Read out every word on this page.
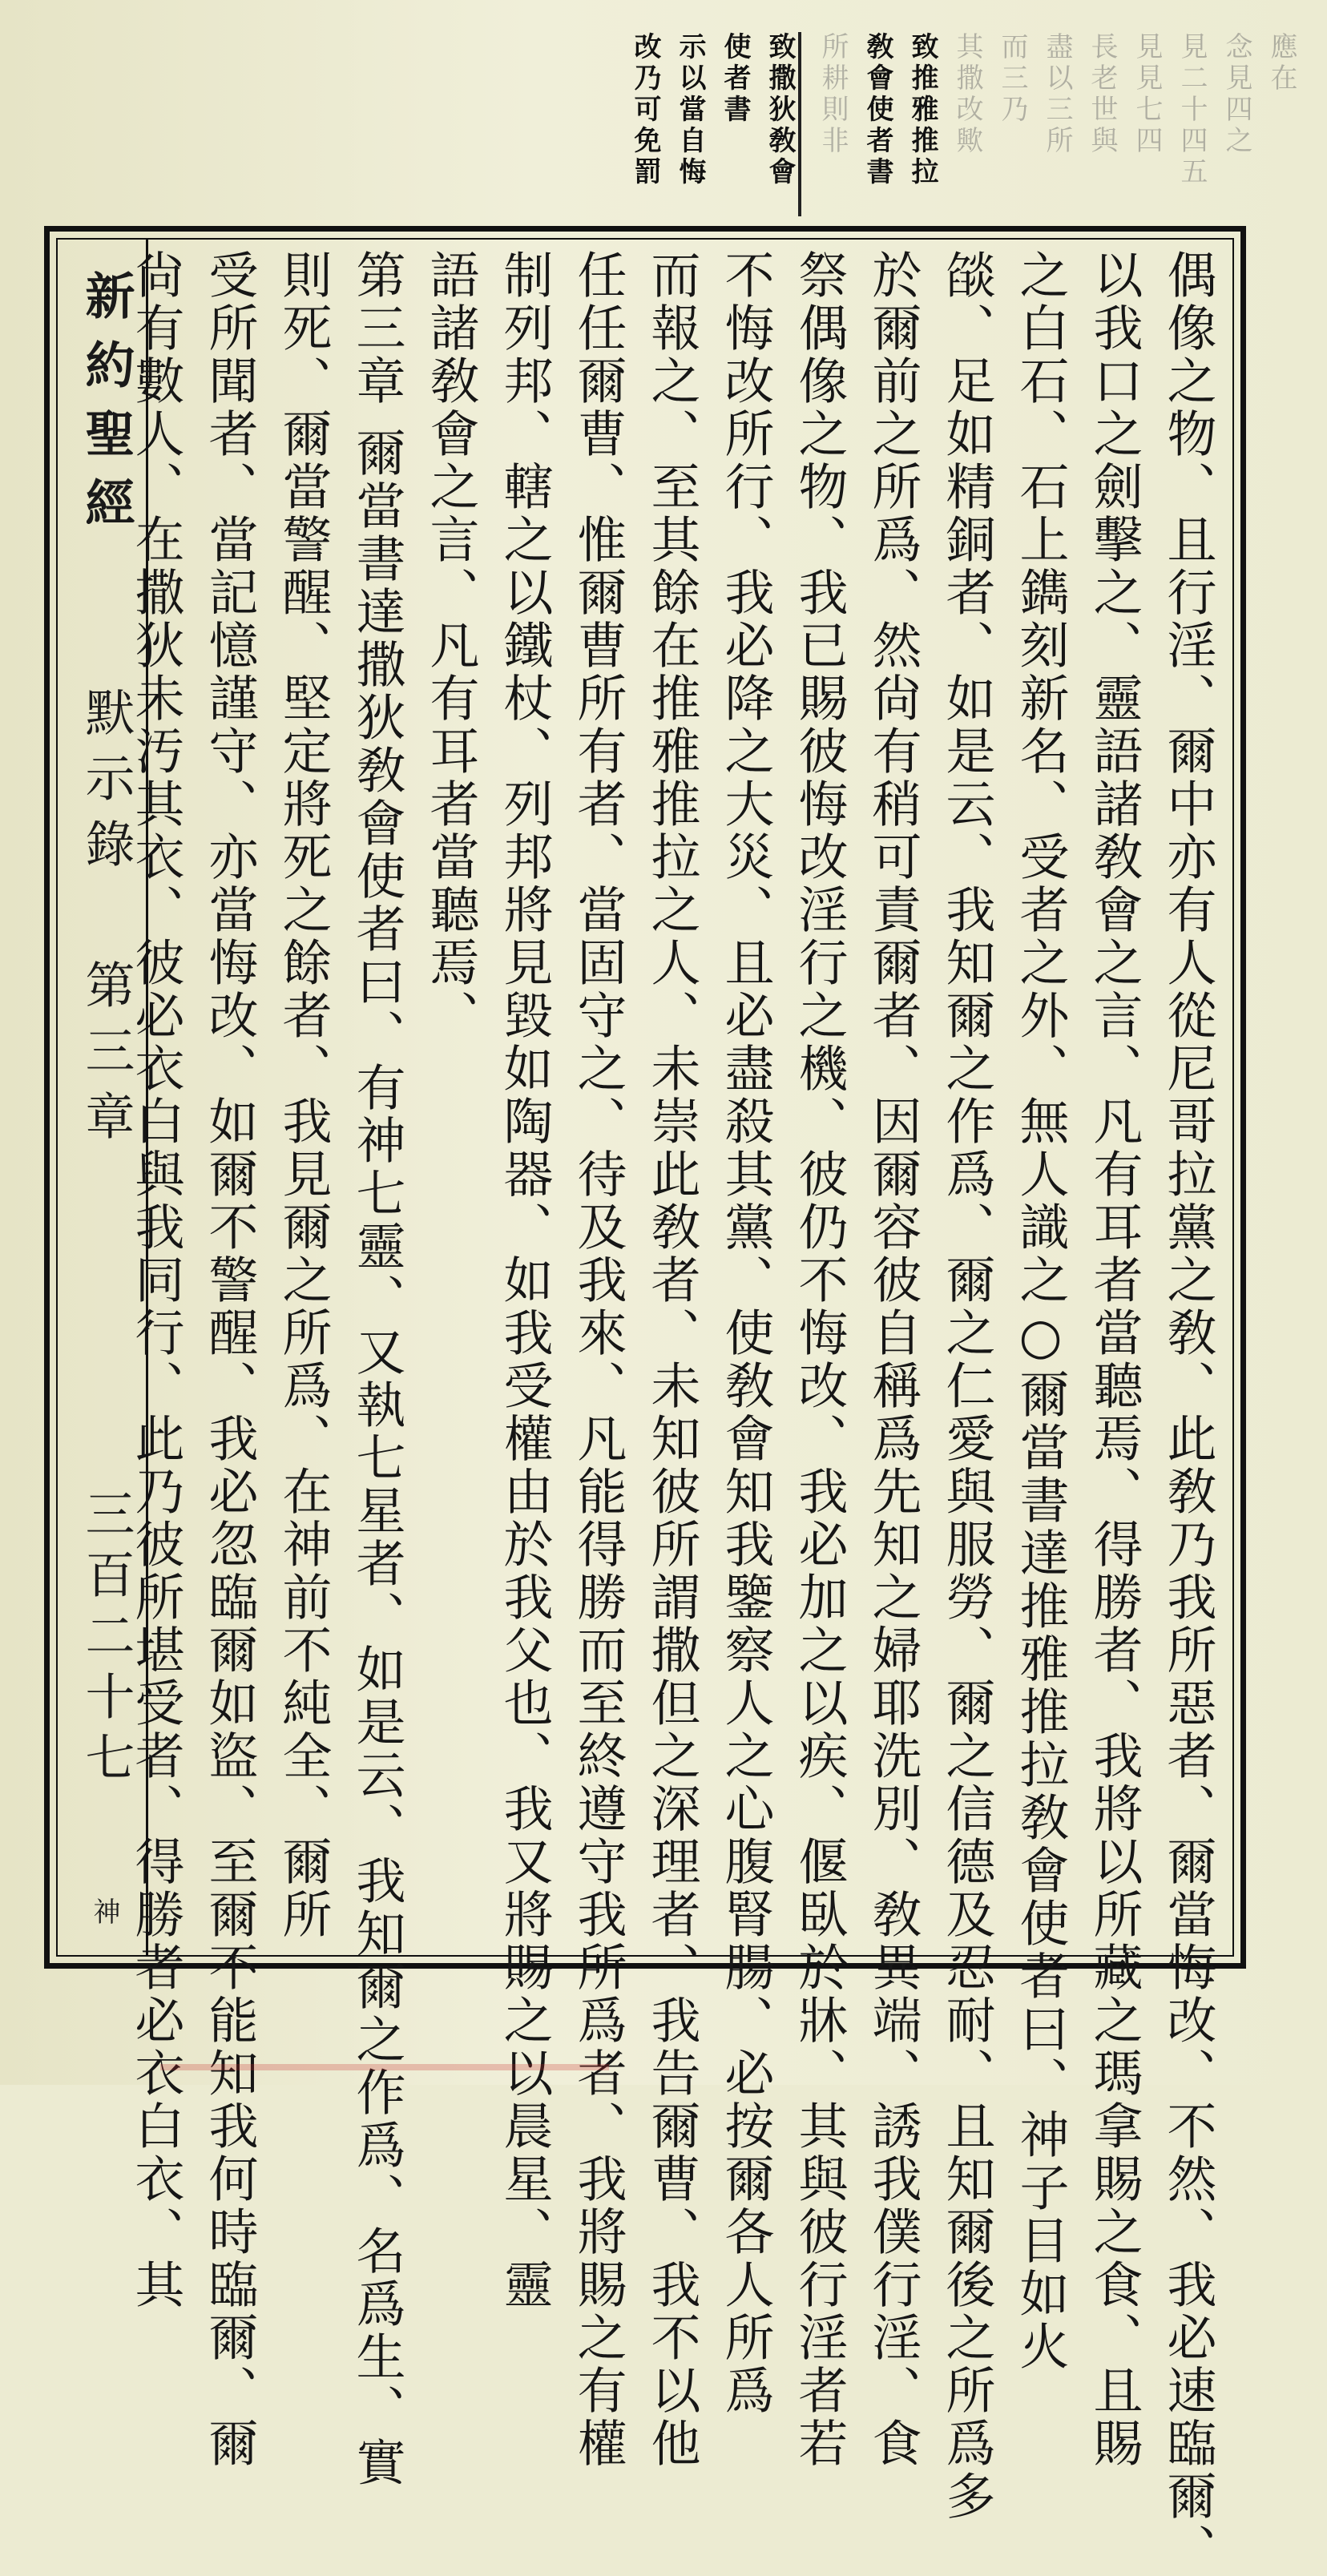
應在
念見四之
見二十四五
見見七四
長老世與
盡以三所
而三乃
其撒改歟
致推雅推拉
敎會使者書
所耕則非
致撒狄敎會
使者書
示以當自悔
改乃可免罰
偶像之物、且行淫、爾中亦有人從尼哥拉黨之敎、此敎乃我所惡者、爾當悔改、不然、我必速臨爾、
以我口之劍擊之、靈語諸敎會之言、凡有耳者當聽焉、得勝者、我將以所藏之瑪拿賜之食、且賜
之白石、石上鐫刻新名、受者之外、無人識之○爾當書達推雅推拉敎會使者曰、神子目如火
燄、足如精銅者、如是云、我知爾之作爲、爾之仁愛與服勞、爾之信德及忍耐、且知爾後之所爲多
於爾前之所爲、然尙有稍可責爾者、因爾容彼自稱爲先知之婦耶洗別、敎異端、誘我僕行淫、食
祭偶像之物、我已賜彼悔改淫行之機、彼仍不悔改、我必加之以疾、偃臥於牀、其與彼行淫者若
不悔改所行、我必降之大災、且必盡殺其黨、使敎會知我鑒察人之心腹腎腸、必按爾各人所爲
而報之、至其餘在推雅推拉之人、未崇此敎者、未知彼所謂撒但之深理者、我告爾曹、我不以他
任任爾曹、惟爾曹所有者、當固守之、待及我來、凡能得勝而至終遵守我所爲者、我將賜之有權
制列邦、轄之以鐵杖、列邦將見毀如陶器、如我受權由於我父也、我又將賜之以晨星、靈
語諸敎會之言、凡有耳者當聽焉、
第三章 爾當書達撒狄敎會使者曰、有神七靈、又執七星者、如是云、我知爾之作爲、名爲生、實
則死、爾當警醒、堅定將死之餘者、我見爾之所爲、在神前不純全、爾所
受所聞者、當記憶謹守、亦當悔改、如爾不警醒、我必忽臨爾如盜、至爾不能知我何時臨爾、爾
尙有數人、在撒狄未汚其衣、彼必衣白與我同行、此乃彼所堪受者、得勝者必衣白衣、其
新約聖經
默示錄
第三章
三百二十七
神
